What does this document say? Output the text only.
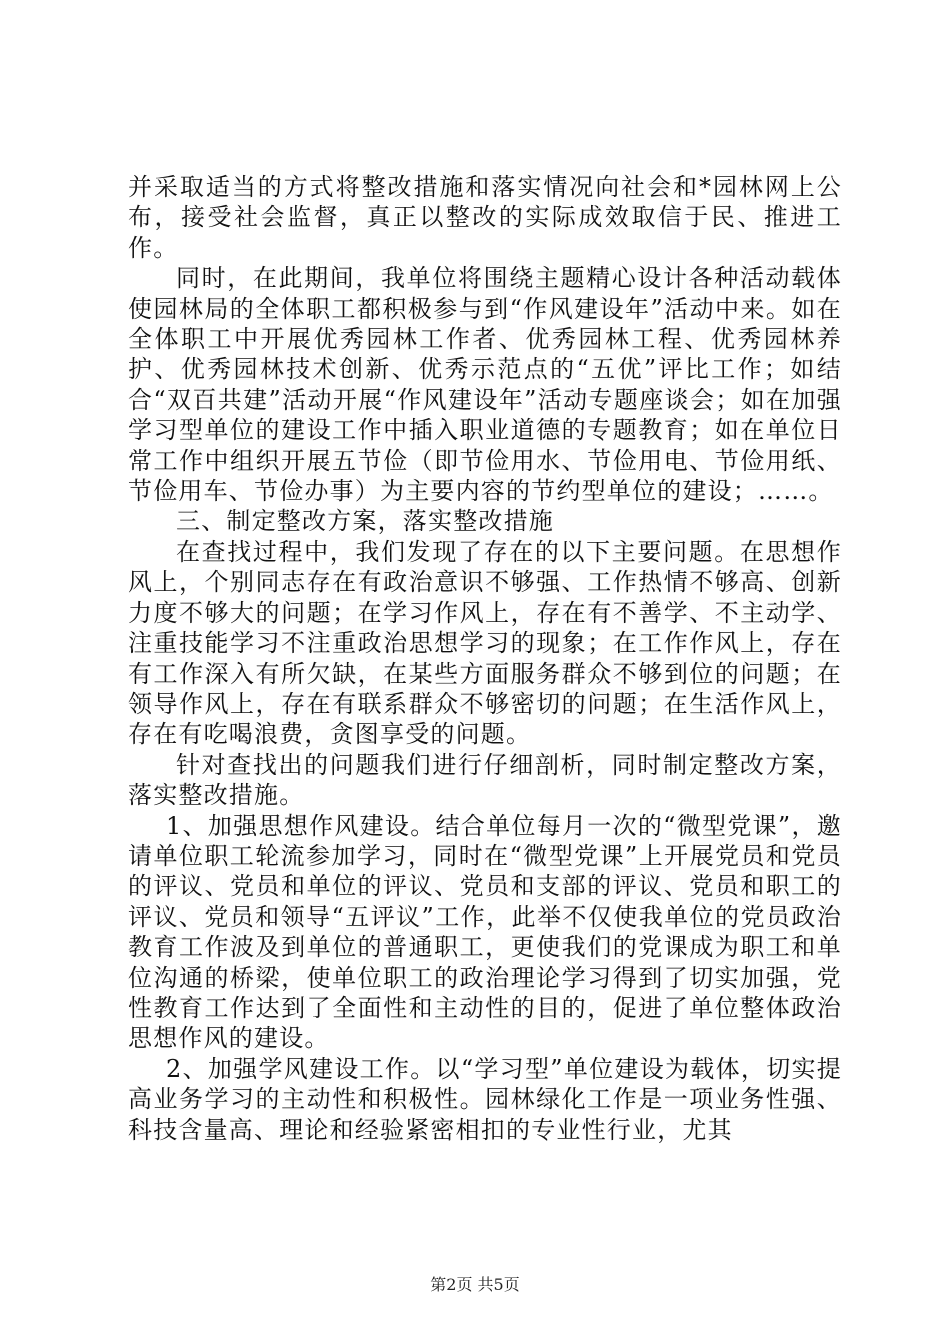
并采取适当的方式将整改措施和落实情况向社会和*园林网上公布，接受社会监督，真正以整改的实际成效取信于民、推进工作。

同时，在此期间，我单位将围绕主题精心设计各种活动载体使园林局的全体职工都积极参与到“作风建设年”活动中来。如在全体职工中开展优秀园林工作者、优秀园林工程、优秀园林养护、优秀园林技术创新、优秀示范点的“五优”评比工作；如结合“双百共建”活动开展“作风建设年”活动专题座谈会；如在加强学习型单位的建设工作中插入职业道德的专题教育；如在单位日常工作中组织开展五节俭（即节俭用水、节俭用电、节俭用纸、节俭用车、节俭办事）为主要内容的节约型单位的建设；……。

三、制定整改方案，落实整改措施

在查找过程中，我们发现了存在的以下主要问题。在思想作风上，个别同志存在有政治意识不够强、工作热情不够高、创新力度不够大的问题；在学习作风上，存在有不善学、不主动学、注重技能学习不注重政治思想学习的现象；在工作作风上，存在有工作深入有所欠缺，在某些方面服务群众不够到位的问题；在领导作风上，存在有联系群众不够密切的问题；在生活作风上，存在有吃喝浪费，贪图享受的问题。

针对查找出的问题我们进行仔细剖析，同时制定整改方案，落实整改措施。

1、加强思想作风建设。结合单位每月一次的“微型党课”，邀请单位职工轮流参加学习，同时在“微型党课”上开展党员和党员的评议、党员和单位的评议、党员和支部的评议、党员和职工的评议、党员和领导“五评议”工作，此举不仅使我单位的党员政治教育工作波及到单位的普通职工，更使我们的党课成为职工和单位沟通的桥梁，使单位职工的政治理论学习得到了切实加强，党性教育工作达到了全面性和主动性的目的，促进了单位整体政治思想作风的建设。

2、加强学风建设工作。以“学习型”单位建设为载体，切实提高业务学习的主动性和积极性。园林绿化工作是一项业务性强、科技含量高、理论和经验紧密相扣的专业性行业，尤其

第2页 共5页
